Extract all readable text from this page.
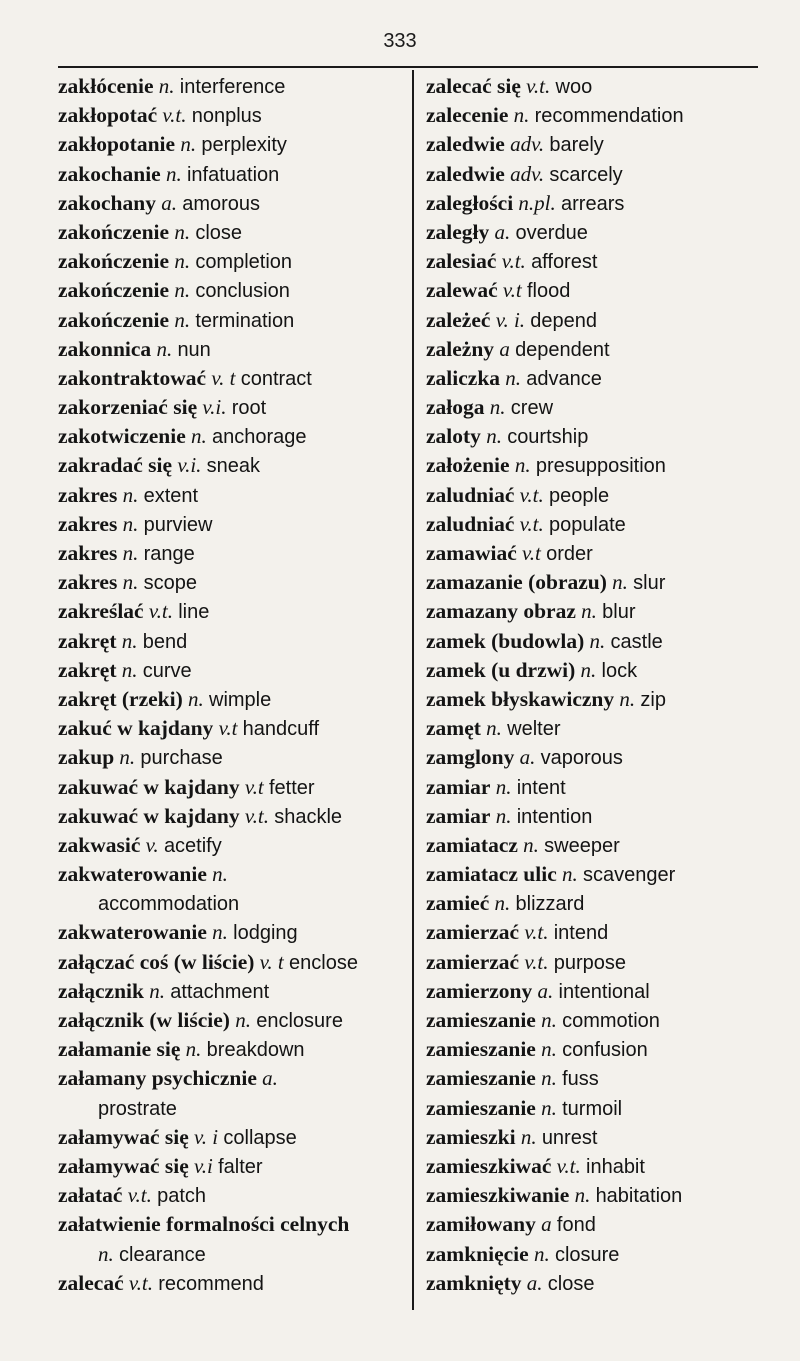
333
zakłócenie n. interference
zakłopotać v.t. nonplus
zakłopotanie n. perplexity
zakochanie n. infatuation
zakochany a. amorous
zakończenie n. close
zakończenie n. completion
zakończenie n. conclusion
zakończenie n. termination
zakonnica n. nun
zakontraktować v. t contract
zakorzeniać się v.i. root
zakotwiczenie n. anchorage
zakradać się v.i. sneak
zakres n. extent
zakres n. purview
zakres n. range
zakres n. scope
zakreślać v.t. line
zakręt n. bend
zakręt n. curve
zakręt (rzeki) n. wimple
zakuć w kajdany v.t handcuff
zakup n. purchase
zakuwać w kajdany v.t fetter
zakuwać w kajdany v.t. shackle
zakwasić v. acetify
zakwaterowanie n.
accommodation
zakwaterowanie n. lodging
załączać coś (w liście) v. t enclose
załącznik n. attachment
załącznik (w liście) n. enclosure
załamanie się n. breakdown
załamany psychicznie a.
prostrate
załamywać się v. i collapse
załamywać się v.i falter
załatać v.t. patch
załatwienie formalności celnych
n. clearance
zalecać v.t. recommend
zalecać się v.t. woo
zalecenie n. recommendation
zaledwie adv. barely
zaledwie adv. scarcely
zaległości n.pl. arrears
zaległy a. overdue
zalesiać v.t. afforest
zalewać v.t flood
zależeć v. i. depend
zależny a dependent
zaliczka n. advance
załoga n. crew
zaloty n. courtship
założenie n. presupposition
zaludniać v.t. people
zaludniać v.t. populate
zamawiać v.t order
zamazanie (obrazu) n. slur
zamazany obraz n. blur
zamek (budowla) n. castle
zamek (u drzwi) n. lock
zamek błyskawiczny n. zip
zamęt n. welter
zamglony a. vaporous
zamiar n. intent
zamiar n. intention
zamiatacz n. sweeper
zamiatacz ulic n. scavenger
zamieć n. blizzard
zamierzać v.t. intend
zamierzać v.t. purpose
zamierzony a. intentional
zamieszanie n. commotion
zamieszanie n. confusion
zamieszanie n. fuss
zamieszanie n. turmoil
zamieszki n. unrest
zamieszkiwać v.t. inhabit
zamieszkiwanie n. habitation
zamiłowany a fond
zamknięcie n. closure
zamknięty a. close
